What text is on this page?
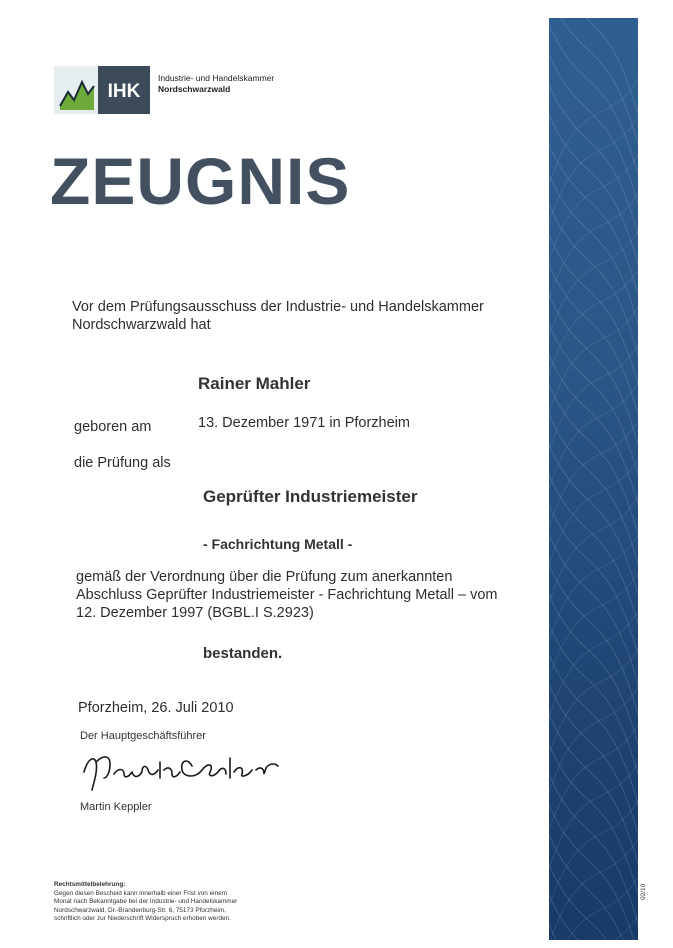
IHK
Industrie- und Handelskammer
Nordschwarzwald
ZEUGNIS
Vor dem Prüfungsausschuss der Industrie- und Handelskammer Nordschwarzwald hat
Rainer Mahler
geboren am	13. Dezember 1971 in Pforzheim
die Prüfung als
Geprüfter Industriemeister
- Fachrichtung Metall -
gemäß der Verordnung über die Prüfung zum anerkannten Abschluss Geprüfter Industriemeister - Fachrichtung Metall – vom 12. Dezember 1997 (BGBL.I S.2923)
bestanden.
Pforzheim, 26. Juli 2010
Der Hauptgeschäftsführer
Martin Keppler
Rechtsmittelbelehrung:
Gegen diesen Bescheid kann innerhalb einer Frist von einem
Monat nach Bekanntgabe bei der Industrie- und Handelskammer
Nordschwarzwald, Dr.-Brandenburg-Str. 6, 75173 Pforzheim,
schriftlich oder zur Niederschrift Widerspruch erhoben werden.
02/10
